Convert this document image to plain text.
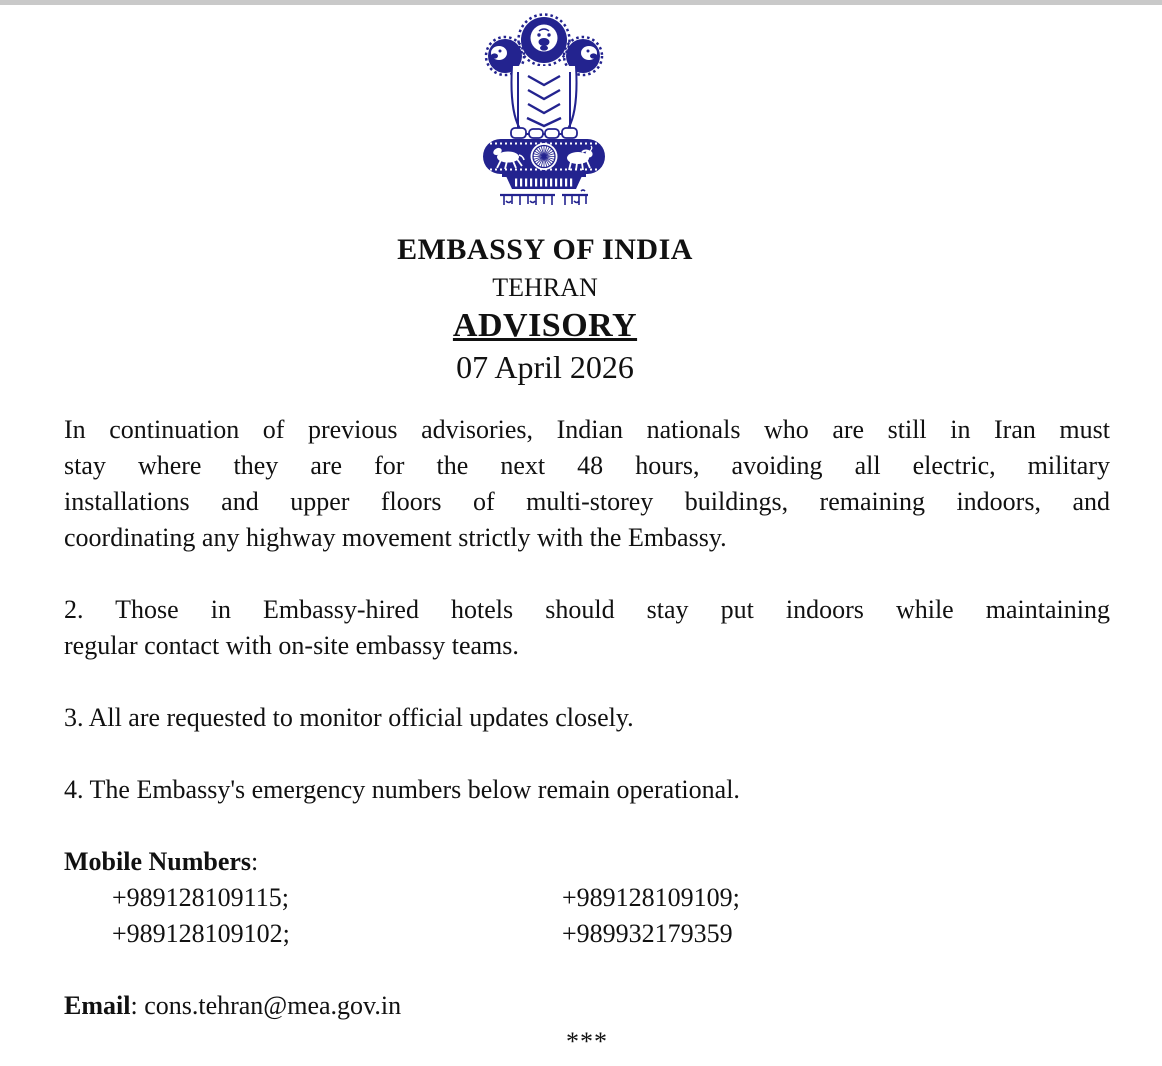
EMBASSY OF INDIA
TEHRAN
ADVISORY
07 April 2026
In continuation of previous advisories, Indian nationals who are still in Iran must
stay where they are for the next 48 hours, avoiding all electric, military
installations and upper floors of multi-storey buildings, remaining indoors, and
coordinating any highway movement strictly with the Embassy.
2. Those in Embassy-hired hotels should stay put indoors while maintaining
regular contact with on-site embassy teams.
3. All are requested to monitor official updates closely.
4. The Embassy's emergency numbers below remain operational.
Mobile Numbers:
+989128109115;	+989128109109;
+989128109102;	+989932179359
Email: cons.tehran@mea.gov.in
***
